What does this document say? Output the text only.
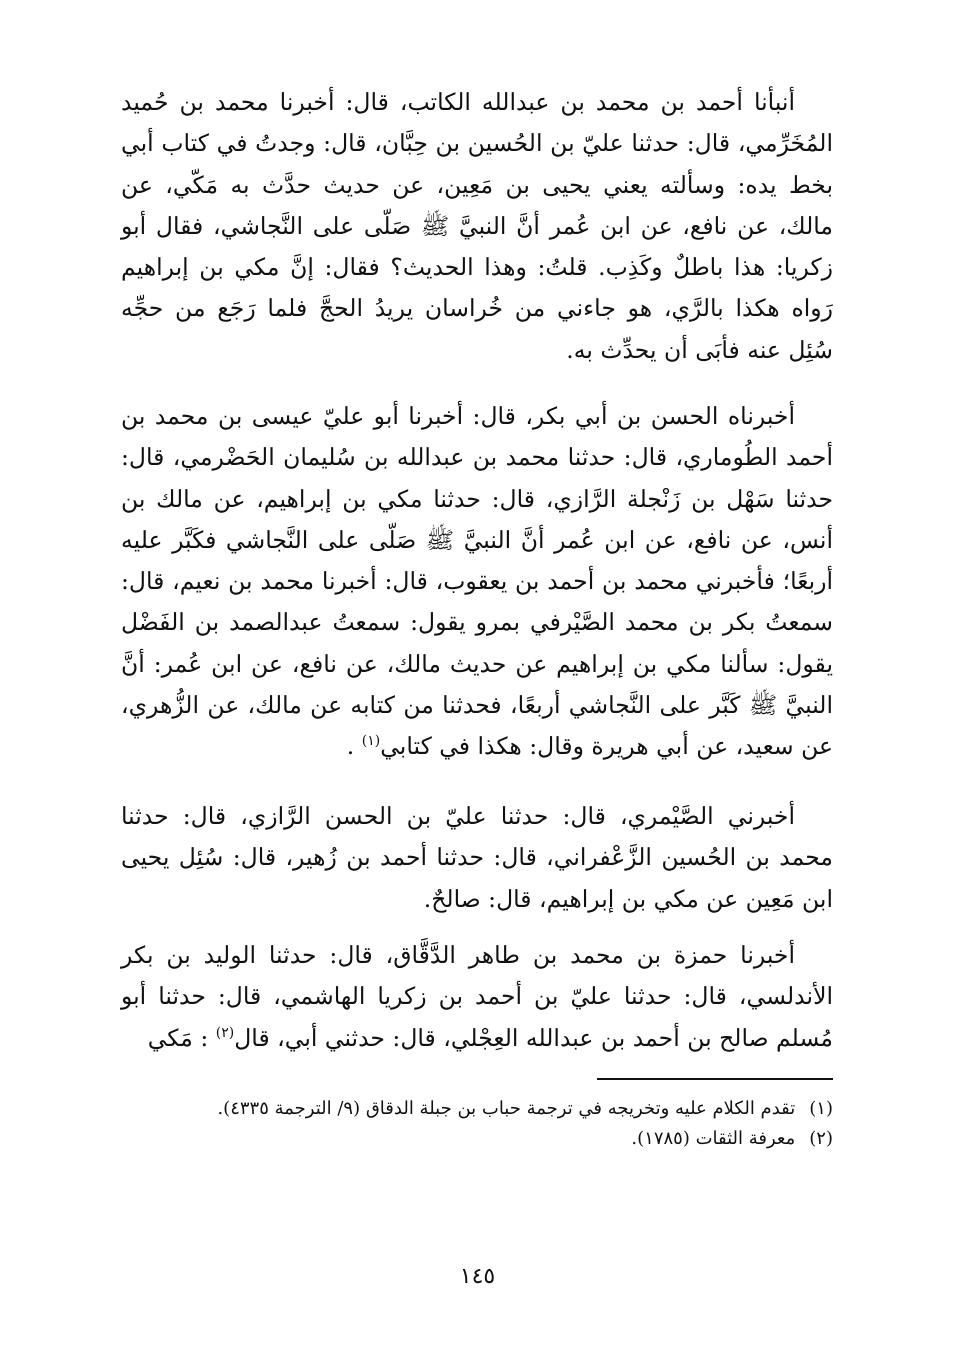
أنبأنا أحمد بن محمد بن عبدالله الكاتب، قال: أخبرنا محمد بن حُميد المُخَرِّمي، قال: حدثنا عليّ بن الحُسين بن حِبَّان، قال: وجدتُ في كتاب أبي بخط يده: وسألته يعني يحيى بن مَعِين، عن حديث حدَّث به مَكّي، عن مالك، عن نافع، عن ابن عُمر أنَّ النبيَّ ﷺ صَلّى على النَّجاشي، فقال أبو زكريا: هذا باطلٌ وكَذِب. قلتُ: وهذا الحديث؟ فقال: إنَّ مكي بن إبراهيم رَواه هكذا بالرَّي، هو جاءني من خُراسان يريدُ الحجَّ فلما رَجَع من حجِّه سُئِل عنه فأبَى أن يحدِّث به.

أخبرناه الحسن بن أبي بكر، قال: أخبرنا أبو عليّ عيسى بن محمد بن أحمد الطُوماري، قال: حدثنا محمد بن عبدالله بن سُليمان الحَضْرمي، قال: حدثنا سَهْل بن زَنْجلة الرَّازي، قال: حدثنا مكي بن إبراهيم، عن مالك بن أنس، عن نافع، عن ابن عُمر أنَّ النبيَّ ﷺ صَلّى على النَّجاشي فكَبَّر عليه أربعًا؛ فأخبرني محمد بن أحمد بن يعقوب، قال: أخبرنا محمد بن نعيم، قال: سمعتُ بكر بن محمد الصَّيْرفي بمرو يقول: سمعتُ عبدالصمد بن الفَضْل يقول: سألنا مكي بن إبراهيم عن حديث مالك، عن نافع، عن ابن عُمر: أنَّ النبيَّ ﷺ كَبَّر على النَّجاشي أربعًا، فحدثنا من كتابه عن مالك، عن الزُّهري، عن سعيد، عن أبي هريرة وقال: هكذا في كتابي$^{(١)}$ .

أخبرني الصَّيْمري، قال: حدثنا عليّ بن الحسن الرَّازي، قال: حدثنا محمد بن الحُسين الزَّعْفراني، قال: حدثنا أحمد بن زُهير، قال: سُئِل يحيى ابن مَعِين عن مكي بن إبراهيم، قال: صالحٌ.

أخبرنا حمزة بن محمد بن طاهر الدَّقَّاق، قال: حدثنا الوليد بن بكر الأندلسي، قال: حدثنا عليّ بن أحمد بن زكريا الهاشمي، قال: حدثنا أبو مُسلم صالح بن أحمد بن عبدالله العِجْلي، قال: حدثني أبي، قال$^{(٢)}$ : مَكي

(١)تقدم الكلام عليه وتخريجه في ترجمة حباب بن جبلة الدقاق (٩/ الترجمة ٤٣٣٥).

(٢)معرفة الثقات (١٧٨٥).

١٤٥
